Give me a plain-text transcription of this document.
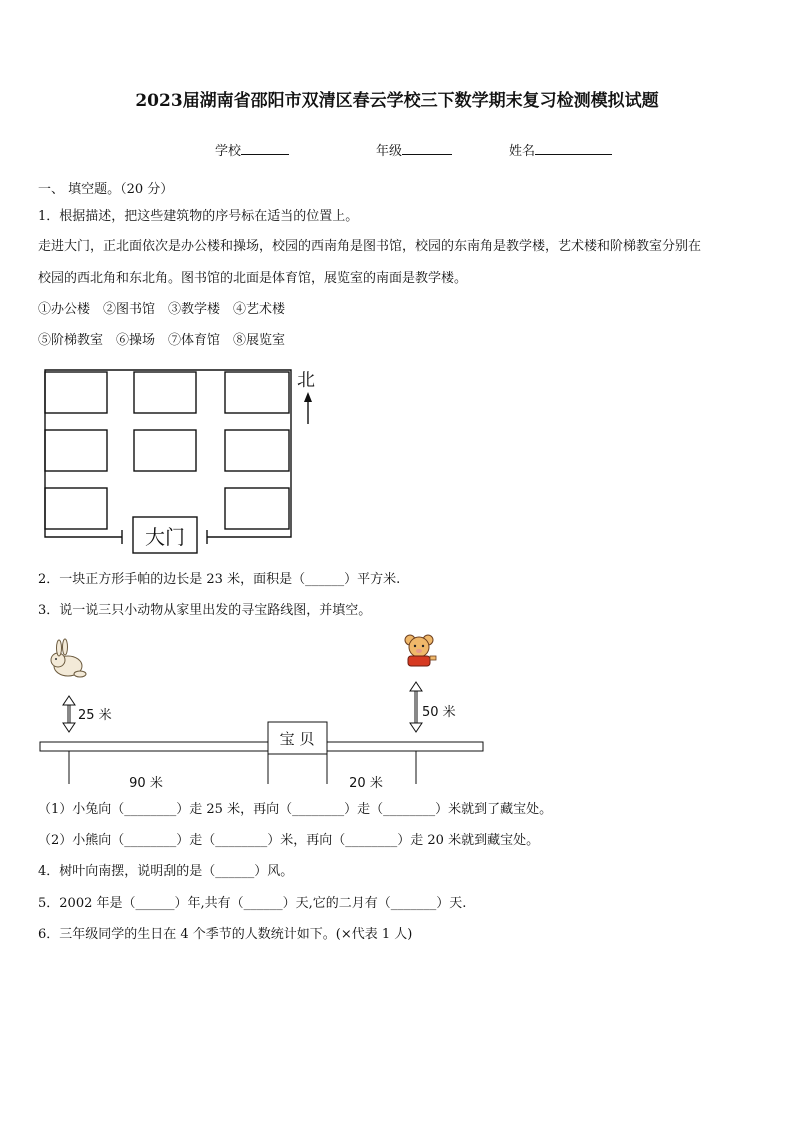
2023届湖南省邵阳市双清区春云学校三下数学期末复习检测模拟试题
学校	年级	姓名
一、 填空题。（20 分）
1．根据描述，把这些建筑物的序号标在适当的位置上。
走进大门，正北面依次是办公楼和操场，校园的西南角是图书馆，校园的东南角是教学楼，艺术楼和阶梯教室分别在
校园的西北角和东北角。图书馆的北面是体育馆，展览室的南面是教学楼。
①办公楼　②图书馆　③教学楼　④艺术楼
⑤阶梯教室　⑥操场　⑦体育馆　⑧展览室
大门
北
2．一块正方形手帕的边长是 23 米，面积是（______）平方米.
3．说一说三只小动物从家里出发的寻宝路线图，并填空。
25 米	50 米
宝 贝
90 米	20 米
（1）小兔向（________）走 25 米，再向（________）走（________）米就到了藏宝处。
（2）小熊向（________）走（________）米，再向（________）走 20 米就到藏宝处。
4．树叶向南摆，说明刮的是（______）风。
5．2002 年是（______）年,共有（______）天,它的二月有（_______）天.
6．三年级同学的生日在 4 个季节的人数统计如下。(×代表 1 人)
